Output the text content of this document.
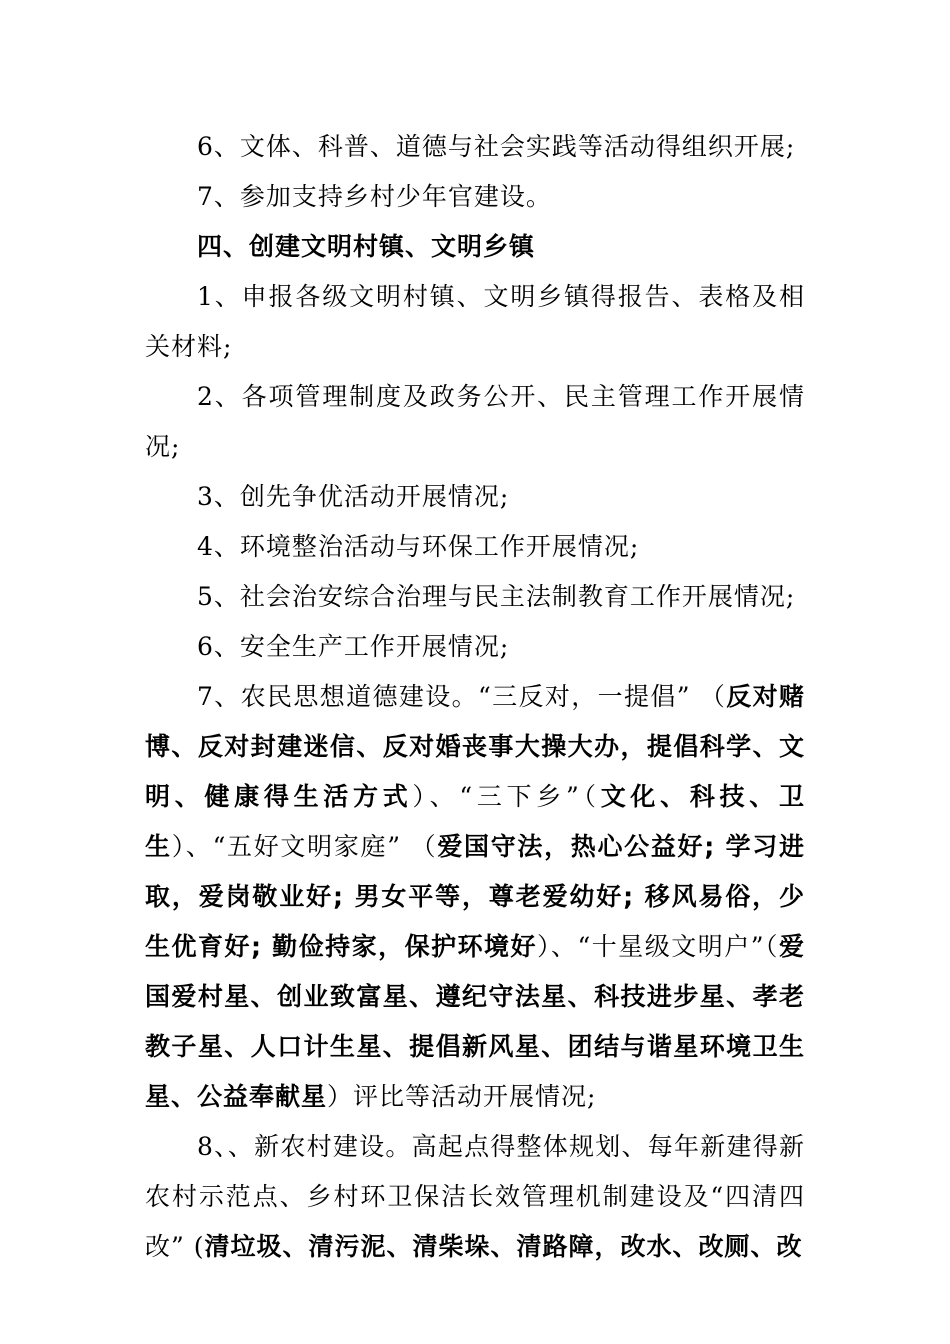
6、文体、科普、道德与社会实践等活动得组织开展;

7、参加支持乡村少年官建设。

四、创建文明村镇、文明乡镇

1、申报各级文明村镇、文明乡镇得报告、表格及相关材料;

2、各项管理制度及政务公开、民主管理工作开展情况;

3、创先争优活动开展情况;

4、环境整治活动与环保工作开展情况;

5、社会治安综合治理与民主法制教育工作开展情况;

6、安全生产工作开展情况;

7、农民思想道德建设。“三反对，一提倡” （反对赌博、反对封建迷信、反对婚丧事大操大办，提倡科学、文明、健康得生活方式）、“三下乡”（文化、科技、卫生）、“五好文明家庭” （爱国守法，热心公益好; 学习进取，爱岗敬业好; 男女平等，尊老爱幼好; 移风易俗，少生优育好; 勤俭持家，保护环境好）、“十星级文明户”（爱国爱村星、创业致富星、遵纪守法星、科技进步星、孝老教子星、人口计生星、提倡新风星、团结与谐星环境卫生星、公益奉献星）评比等活动开展情况;

8、、新农村建设。高起点得整体规划、每年新建得新农村示范点、乡村环卫保洁长效管理机制建设及“四清四改” (清垃圾、清污泥、清柴垛、清路障，改水、改厕、改
